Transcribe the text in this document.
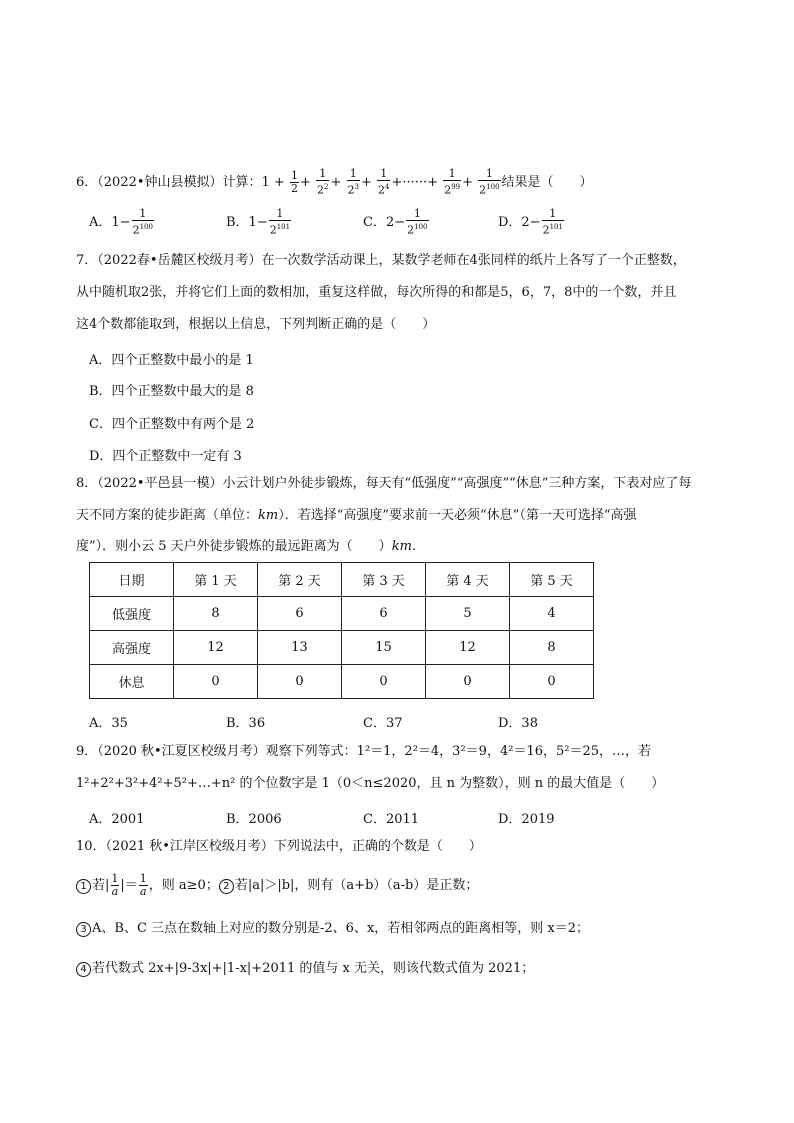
6．（2022•钟山县模拟）计算：$1 + \frac{1}{2} + \frac{1}{2^2} + \frac{1}{2^3} + \frac{1}{2^4}$ +······+ $\frac{1}{2^{99}} + \frac{1}{2^{100}}$ 结果是（　　）
A．$1- \frac{1}{2^{100}}$	B．$1- \frac{1}{2^{101}}$	C．$2- \frac{1}{2^{100}}$	D．$2- \frac{1}{2^{101}}$
7．（2022春•岳麓区校级月考）在一次数学活动课上，某数学老师在4张同样的纸片上各写了一个正整数，
从中随机取2张，并将它们上面的数相加，重复这样做，每次所得的和都是5，6，7，8中的一个数，并且
这4个数都能取到，根据以上信息，下列判断正确的是（　　）
A．四个正整数中最小的是 1
B．四个正整数中最大的是 8
C．四个正整数中有两个是 2
D．四个正整数中一定有 3
8．（2022•平邑县一模）小云计划户外徒步锻炼，每天有“低强度”“高强度”“休息”三种方案，下表对应了每
天不同方案的徒步距离（单位：km）．若选择“高强度”要求前一天必须“休息”（第一天可选择“高强
度”）．则小云 5 天户外徒步锻炼的最远距离为（　　）km.
日期	第 1 天	第 2 天	第 3 天	第 4 天	第 5 天
低强度	8	6	6	5	4
高强度	12	13	15	12	8
休息	0	0	0	0	0
A．35	B．36	C．37	D．38
9．（2020 秋•江夏区校级月考）观察下列等式：1²＝1，2²＝4，3²＝9，4²＝16，5²＝25，…，若
1²+2²+3²+4²+5²+…+n² 的个位数字是 1（0＜n≤2020，且 n 为整数），则 n 的最大值是（　　）
A．2001	B．2006	C．2011	D．2019
10．（2021 秋•江岸区校级月考）下列说法中，正确的个数是（　　）
1 若| $\frac{1}{a}$ |＝ $\frac{1}{a}$ ，则 a≥0； 2 若|a|＞|b|，则有（a+b）（a-b）是正数；
3 A、B、C 三点在数轴上对应的数分别是-2、6、x，若相邻两点的距离相等，则 x＝2；
4 若代数式 2x+|9-3x|+|1-x|+2011 的值与 x 无关，则该代数式值为 2021；
